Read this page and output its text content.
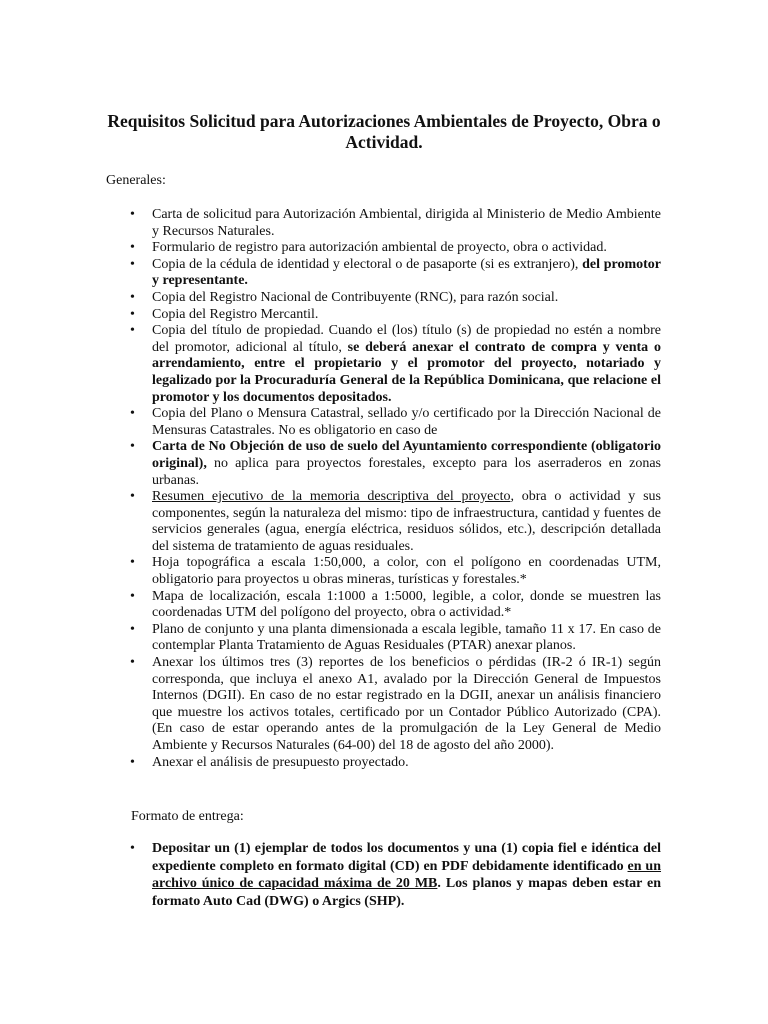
Requisitos Solicitud para Autorizaciones Ambientales de Proyecto, Obra o Actividad.
Generales:
• Carta de solicitud para Autorización Ambiental, dirigida al Ministerio de Medio Ambiente y Recursos Naturales.
• Formulario de registro para autorización ambiental de proyecto, obra o actividad.
• Copia de la cédula de identidad y electoral o de pasaporte (si es extranjero), del promotor y representante.
• Copia del Registro Nacional de Contribuyente (RNC), para razón social.
• Copia del Registro Mercantil.
• Copia del título de propiedad. Cuando el (los) título (s) de propiedad no estén a nombre del promotor, adicional al título, se deberá anexar el contrato de compra y venta o arrendamiento, entre el propietario y el promotor del proyecto, notariado y legalizado por la Procuraduría General de la República Dominicana, que relacione el promotor y los documentos depositados.
• Copia del Plano o Mensura Catastral, sellado y/o certificado por la Dirección Nacional de Mensuras Catastrales. No es obligatorio en caso de
• Carta de No Objeción de uso de suelo del Ayuntamiento correspondiente (obligatorio original), no aplica para proyectos forestales, excepto para los aserraderos en zonas urbanas.
• Resumen ejecutivo de la memoria descriptiva del proyecto, obra o actividad y sus componentes, según la naturaleza del mismo: tipo de infraestructura, cantidad y fuentes de servicios generales (agua, energía eléctrica, residuos sólidos, etc.), descripción detallada del sistema de tratamiento de aguas residuales.
• Hoja topográfica a escala 1:50,000, a color, con el polígono en coordenadas UTM, obligatorio para proyectos u obras mineras, turísticas y forestales.*
• Mapa de localización, escala 1:1000 a 1:5000, legible, a color, donde se muestren las coordenadas UTM del polígono del proyecto, obra o actividad.*
• Plano de conjunto y una planta dimensionada a escala legible, tamaño 11 x 17. En caso de contemplar Planta Tratamiento de Aguas Residuales (PTAR) anexar planos.
• Anexar los últimos tres (3) reportes de los beneficios o pérdidas (IR-2 ó IR-1) según corresponda, que incluya el anexo A1, avalado por la Dirección General de Impuestos Internos (DGII). En caso de no estar registrado en la DGII, anexar un análisis financiero que muestre los activos totales, certificado por un Contador Público Autorizado (CPA). (En caso de estar operando antes de la promulgación de la Ley General de Medio Ambiente y Recursos Naturales (64-00) del 18 de agosto del año 2000).
• Anexar el análisis de presupuesto proyectado.
Formato de entrega:
• Depositar un (1) ejemplar de todos los documentos y una (1) copia fiel e idéntica del expediente completo en formato digital (CD) en PDF debidamente identificado en un archivo único de capacidad máxima de 20 MB. Los planos y mapas deben estar en formato Auto Cad (DWG) o Argics (SHP).
